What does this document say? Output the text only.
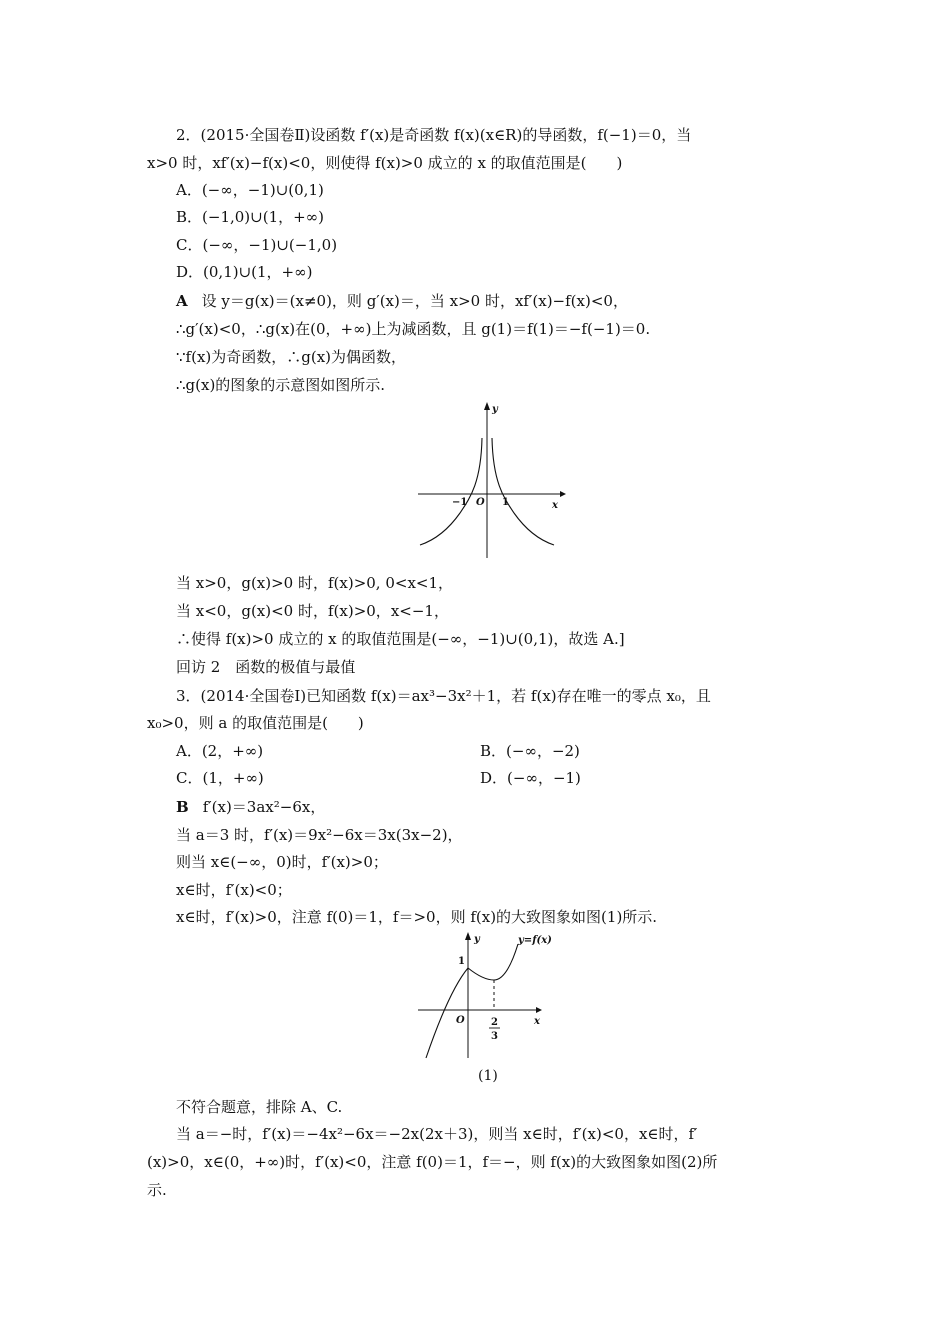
2．(2015·全国卷Ⅱ)设函数 f′(x)是奇函数 f(x)(x∈R)的导函数，f(−1)＝0，当
x>0 时，xf′(x)−f(x)<0，则使得 f(x)>0 成立的 x 的取值范围是(　　)
A．(−∞，−1)∪(0,1)
B．(−1,0)∪(1，+∞)
C．(−∞，−1)∪(−1,0)
D．(0,1)∪(1，+∞)
A 设 y＝g(x)＝(x≠0)，则 g′(x)＝，当 x>0 时，xf′(x)−f(x)<0，
∴g′(x)<0，∴g(x)在(0，+∞)上为减函数，且 g(1)＝f(1)＝−f(−1)＝0.
∵f(x)为奇函数，∴g(x)为偶函数，
∴g(x)的图象的示意图如图所示.
y
x
O
−1	1
当 x>0，g(x)>0 时，f(x)>0, 0<x<1，
当 x<0，g(x)<0 时，f(x)>0，x<−1，
∴使得 f(x)>0 成立的 x 的取值范围是(−∞，−1)∪(0,1)，故选 A.]
回访 2　函数的极值与最值
3．(2014·全国卷Ⅰ)已知函数 f(x)＝ax³−3x²＋1，若 f(x)存在唯一的零点 x₀，且
x₀>0，则 a 的取值范围是(　　)
A．(2，+∞)	B．(−∞，−2)
C．(1，+∞)	D．(−∞，−1)
B f′(x)＝3ax²−6x，
当 a＝3 时，f′(x)＝9x²−6x＝3x(3x−2)，
则当 x∈(−∞，0)时，f′(x)>0；
x∈时，f′(x)<0；
x∈时，f′(x)>0，注意 f(0)＝1，f＝>0，则 f(x)的大致图象如图(1)所示.
y	y=f(x)
1
O	x
2
3
(1)
不符合题意，排除 A、C.
当 a＝−时，f′(x)＝−4x²−6x＝−2x(2x＋3)，则当 x∈时，f′(x)<0，x∈时，f′
(x)>0，x∈(0，+∞)时，f′(x)<0，注意 f(0)＝1，f＝−，则 f(x)的大致图象如图(2)所
示.
